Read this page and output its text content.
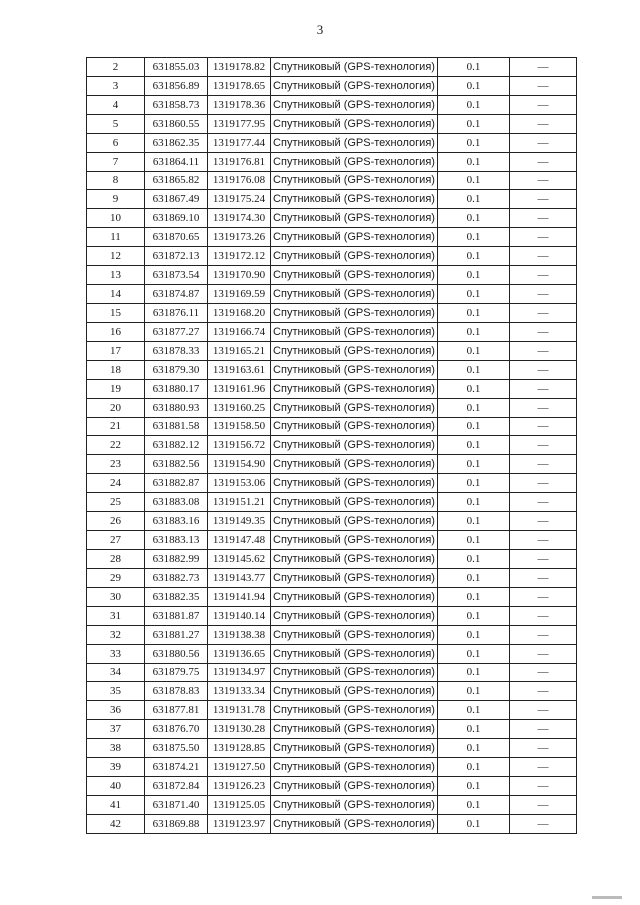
3
2	631855.03	1319178.82	Спутниковый (GPS-технология)	0.1	—
3	631856.89	1319178.65	Спутниковый (GPS-технология)	0.1	—
4	631858.73	1319178.36	Спутниковый (GPS-технология)	0.1	—
5	631860.55	1319177.95	Спутниковый (GPS-технология)	0.1	—
6	631862.35	1319177.44	Спутниковый (GPS-технология)	0.1	—
7	631864.11	1319176.81	Спутниковый (GPS-технология)	0.1	—
8	631865.82	1319176.08	Спутниковый (GPS-технология)	0.1	—
9	631867.49	1319175.24	Спутниковый (GPS-технология)	0.1	—
10	631869.10	1319174.30	Спутниковый (GPS-технология)	0.1	—
11	631870.65	1319173.26	Спутниковый (GPS-технология)	0.1	—
12	631872.13	1319172.12	Спутниковый (GPS-технология)	0.1	—
13	631873.54	1319170.90	Спутниковый (GPS-технология)	0.1	—
14	631874.87	1319169.59	Спутниковый (GPS-технология)	0.1	—
15	631876.11	1319168.20	Спутниковый (GPS-технология)	0.1	—
16	631877.27	1319166.74	Спутниковый (GPS-технология)	0.1	—
17	631878.33	1319165.21	Спутниковый (GPS-технология)	0.1	—
18	631879.30	1319163.61	Спутниковый (GPS-технология)	0.1	—
19	631880.17	1319161.96	Спутниковый (GPS-технология)	0.1	—
20	631880.93	1319160.25	Спутниковый (GPS-технология)	0.1	—
21	631881.58	1319158.50	Спутниковый (GPS-технология)	0.1	—
22	631882.12	1319156.72	Спутниковый (GPS-технология)	0.1	—
23	631882.56	1319154.90	Спутниковый (GPS-технология)	0.1	—
24	631882.87	1319153.06	Спутниковый (GPS-технология)	0.1	—
25	631883.08	1319151.21	Спутниковый (GPS-технология)	0.1	—
26	631883.16	1319149.35	Спутниковый (GPS-технология)	0.1	—
27	631883.13	1319147.48	Спутниковый (GPS-технология)	0.1	—
28	631882.99	1319145.62	Спутниковый (GPS-технология)	0.1	—
29	631882.73	1319143.77	Спутниковый (GPS-технология)	0.1	—
30	631882.35	1319141.94	Спутниковый (GPS-технология)	0.1	—
31	631881.87	1319140.14	Спутниковый (GPS-технология)	0.1	—
32	631881.27	1319138.38	Спутниковый (GPS-технология)	0.1	—
33	631880.56	1319136.65	Спутниковый (GPS-технология)	0.1	—
34	631879.75	1319134.97	Спутниковый (GPS-технология)	0.1	—
35	631878.83	1319133.34	Спутниковый (GPS-технология)	0.1	—
36	631877.81	1319131.78	Спутниковый (GPS-технология)	0.1	—
37	631876.70	1319130.28	Спутниковый (GPS-технология)	0.1	—
38	631875.50	1319128.85	Спутниковый (GPS-технология)	0.1	—
39	631874.21	1319127.50	Спутниковый (GPS-технология)	0.1	—
40	631872.84	1319126.23	Спутниковый (GPS-технология)	0.1	—
41	631871.40	1319125.05	Спутниковый (GPS-технология)	0.1	—
42	631869.88	1319123.97	Спутниковый (GPS-технология)	0.1	—
